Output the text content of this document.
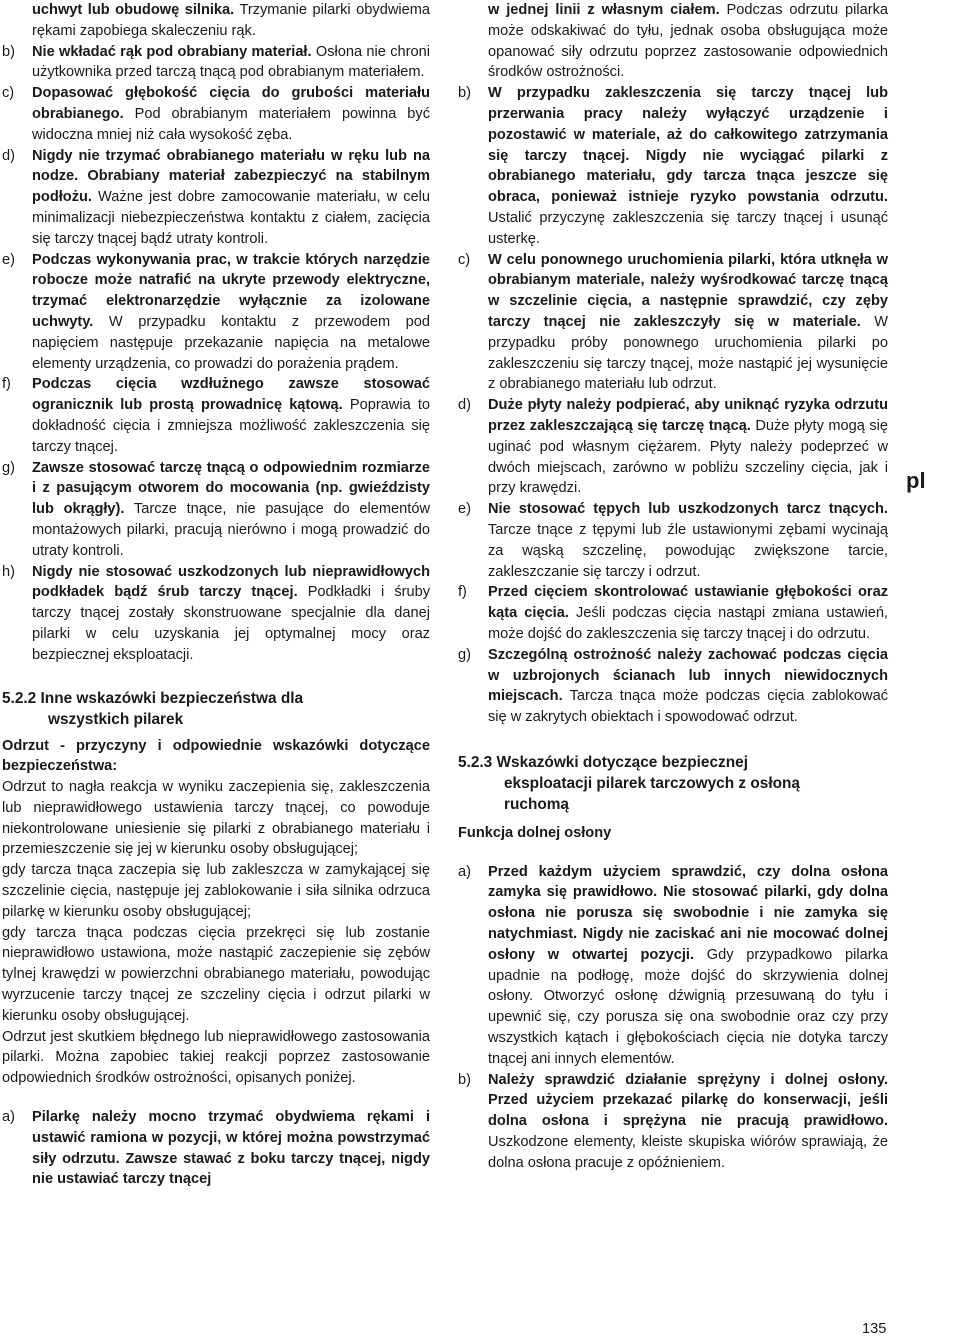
uchwyt lub obudowę silnika. Trzymanie pilarki obydwiema rękami zapobiega skaleczeniu rąk.

b)	Nie wkładać rąk pod obrabiany materiał. Osłona nie chroni użytkownika przed tarczą tnącą pod obrabianym materiałem.
c)	Dopasować głębokość cięcia do grubości materiału obrabianego. Pod obrabianym materiałem powinna być widoczna mniej niż cała wysokość zęba.
d)	Nigdy nie trzymać obrabianego materiału w ręku lub na nodze. Obrabiany materiał zabezpieczyć na stabilnym podłożu. Ważne jest dobre zamocowanie materiału, w celu minimalizacji niebezpieczeństwa kontaktu z ciałem, zacięcia się tarczy tnącej bądź utraty kontroli.
e)	Podczas wykonywania prac, w trakcie których narzędzie robocze może natrafić na ukryte przewody elektryczne, trzymać elektronarzędzie wyłącznie za izolowane uchwyty. W przypadku kontaktu z przewodem pod napięciem następuje przekazanie napięcia na metalowe elementy urządzenia, co prowadzi do porażenia prądem.
f)	Podczas cięcia wzdłużnego zawsze stosować ogranicznik lub prostą prowadnicę kątową. Poprawia to dokładność cięcia i zmniejsza możliwość zakleszczenia się tarczy tnącej.
g)	Zawsze stosować tarczę tnącą o odpowiednim rozmiarze i z pasującym otworem do mocowania (np. gwieździsty lub okrągły). Tarcze tnące, nie pasujące do elementów montażowych pilarki, pracują nierówno i mogą prowadzić do utraty kontroli.
h)	Nigdy nie stosować uszkodzonych lub nieprawidłowych podkładek bądź śrub tarczy tnącej. Podkładki i śruby tarczy tnącej zostały skonstruowane specjalnie dla danej pilarki w celu uzyskania jej optymalnej mocy oraz bezpiecznej eksploatacji.
5.2.2 Inne wskazówki bezpieczeństwa dla
wszystkich pilarek

Odrzut - przyczyny i odpowiednie wskazówki dotyczące bezpieczeństwa:

Odrzut to nagła reakcja w wyniku zaczepienia się, zakleszczenia lub nieprawidłowego ustawienia tarczy tnącej, co powoduje niekontrolowane uniesienie się pilarki z obrabianego materiału i przemieszczenie się jej w kierunku osoby obsługującej;

gdy tarcza tnąca zaczepia się lub zakleszcza w zamykającej się szczelinie cięcia, następuje jej zablokowanie i siła silnika odrzuca pilarkę w kierunku osoby obsługującej;

gdy tarcza tnąca podczas cięcia przekręci się lub zostanie nieprawidłowo ustawiona, może nastąpić zaczepienie się zębów tylnej krawędzi w powierzchni obrabianego materiału, powodując wyrzucenie tarczy tnącej ze szczeliny cięcia i odrzut pilarki w kierunku osoby obsługującej.

Odrzut jest skutkiem błędnego lub nieprawidłowego zastosowania pilarki. Można zapobiec takiej reakcji poprzez zastosowanie odpowiednich środków ostrożności, opisanych poniżej.

a)	Pilarkę należy mocno trzymać obydwiema rękami i ustawić ramiona w pozycji, w której można powstrzymać siły odrzutu. Zawsze stawać z boku tarczy tnącej, nigdy nie ustawiać tarczy tnącej

w jednej linii z własnym ciałem. Podczas odrzutu pilarka może odskakiwać do tyłu, jednak osoba obsługująca może opanować siły odrzutu poprzez zastosowanie odpowiednich środków ostrożności.

b)	W przypadku zakleszczenia się tarczy tnącej lub przerwania pracy należy wyłączyć urządzenie i pozostawić w materiale, aż do całkowitego zatrzymania się tarczy tnącej. Nigdy nie wyciągać pilarki z obrabianego materiału, gdy tarcza tnąca jeszcze się obraca, ponieważ istnieje ryzyko powstania odrzutu. Ustalić przyczynę zakleszczenia się tarczy tnącej i usunąć usterkę.
c)	W celu ponownego uruchomienia pilarki, która utknęła w obrabianym materiale, należy wyśrodkować tarczę tnącą w szczelinie cięcia, a następnie sprawdzić, czy zęby tarczy tnącej nie zakleszczyły się w materiale. W przypadku próby ponownego uruchomienia pilarki po zakleszczeniu się tarczy tnącej, może nastąpić jej wysunięcie z obrabianego materiału lub odrzut.
d)	Duże płyty należy podpierać, aby uniknąć ryzyka odrzutu przez zakleszczającą się tarczę tnącą. Duże płyty mogą się uginać pod własnym ciężarem. Płyty należy podeprzeć w dwóch miejscach, zarówno w pobliżu szczeliny cięcia, jak i przy krawędzi.
e)	Nie stosować tępych lub uszkodzonych tarcz tnących. Tarcze tnące z tępymi lub źle ustawionymi zębami wycinają za wąską szczelinę, powodując zwiększone tarcie, zakleszczanie się tarczy i odrzut.
f)	Przed cięciem skontrolować ustawianie głębokości oraz kąta cięcia. Jeśli podczas cięcia nastąpi zmiana ustawień, może dojść do zakleszczenia się tarczy tnącej i do odrzutu.
g)	Szczególną ostrożność należy zachować podczas cięcia w uzbrojonych ścianach lub innych niewidocznych miejscach. Tarcza tnąca może podczas cięcia zablokować się w zakrytych obiektach i spowodować odrzut.
5.2.3 Wskazówki dotyczące bezpiecznej
eksploatacji pilarek tarczowych z osłoną
ruchomą

Funkcja dolnej osłony

a)	Przed każdym użyciem sprawdzić, czy dolna osłona zamyka się prawidłowo. Nie stosować pilarki, gdy dolna osłona nie porusza się swobodnie i nie zamyka się natychmiast. Nigdy nie zaciskać ani nie mocować dolnej osłony w otwartej pozycji. Gdy przypadkowo pilarka upadnie na podłogę, może dojść do skrzywienia dolnej osłony. Otworzyć osłonę dźwignią przesuwaną do tyłu i upewnić się, czy porusza się ona swobodnie oraz czy przy wszystkich kątach i głębokościach cięcia nie dotyka tarczy tnącej ani innych elementów.
b)	Należy sprawdzić działanie sprężyny i dolnej osłony. Przed użyciem przekazać pilarkę do konserwacji, jeśli dolna osłona i sprężyna nie pracują prawidłowo. Uszkodzone elementy, kleiste skupiska wiórów sprawiają, że dolna osłona pracuje z opóźnieniem.
pl
135
